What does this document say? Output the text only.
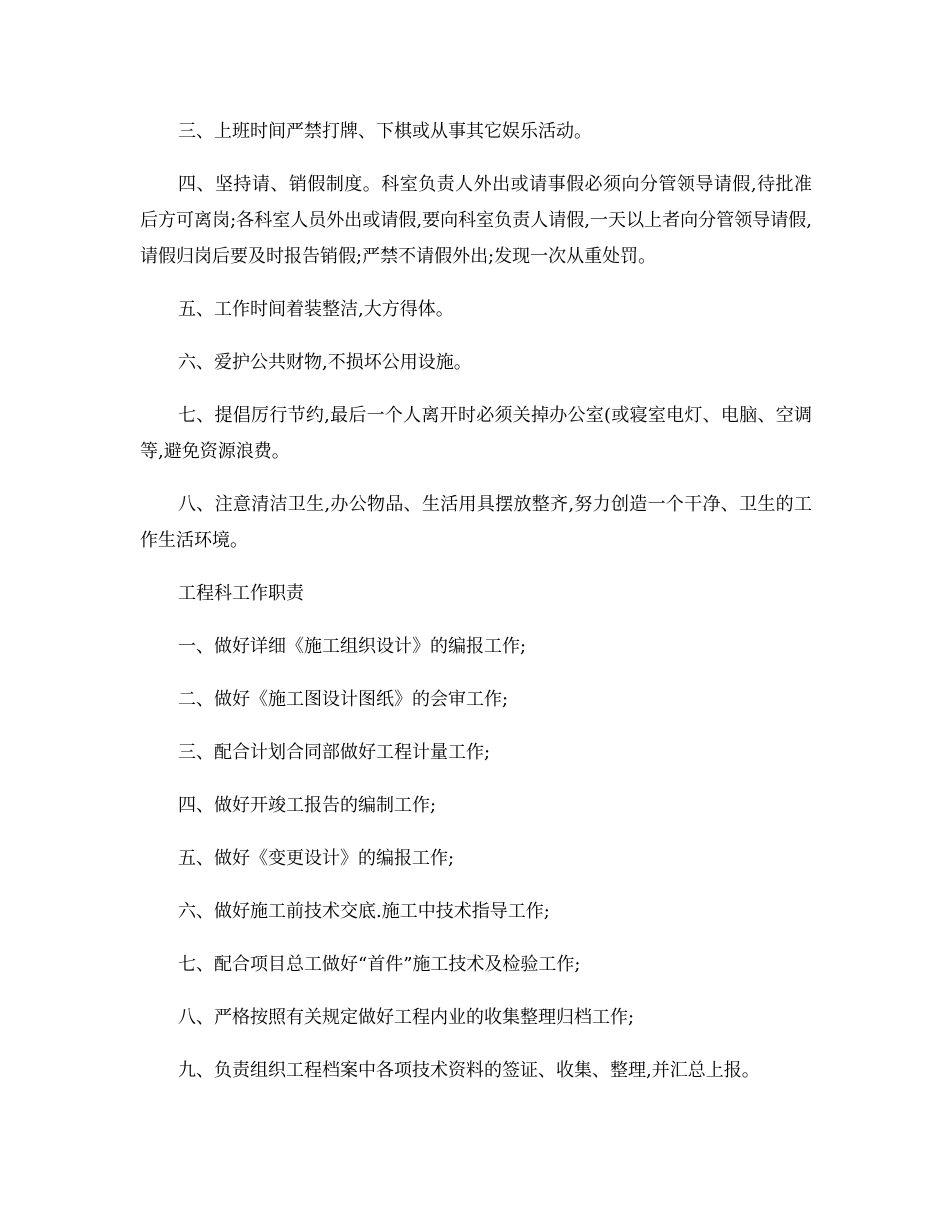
三、上班时间严禁打牌、下棋或从事其它娱乐活动。

四、坚持请、销假制度。科室负责人外出或请事假必须向分管领导请假,待批准后方可离岗;各科室人员外出或请假,要向科室负责人请假,一天以上者向分管领导请假,请假归岗后要及时报告销假;严禁不请假外出;发现一次从重处罚。

五、工作时间着装整洁,大方得体。

六、爱护公共财物,不损坏公用设施。

七、提倡厉行节约,最后一个人离开时必须关掉办公室(或寝室电灯、电脑、空调等,避免资源浪费。

八、注意清洁卫生,办公物品、生活用具摆放整齐,努力创造一个干净、卫生的工作生活环境。

工程科工作职责

一、做好详细《施工组织设计》的编报工作;

二、做好《施工图设计图纸》的会审工作;

三、配合计划合同部做好工程计量工作;

四、做好开竣工报告的编制工作;

五、做好《变更设计》的编报工作;

六、做好施工前技术交底.施工中技术指导工作;

七、配合项目总工做好“首件”施工技术及检验工作;

八、严格按照有关规定做好工程内业的收集整理归档工作;

九、负责组织工程档案中各项技术资料的签证、收集、整理,并汇总上报。
